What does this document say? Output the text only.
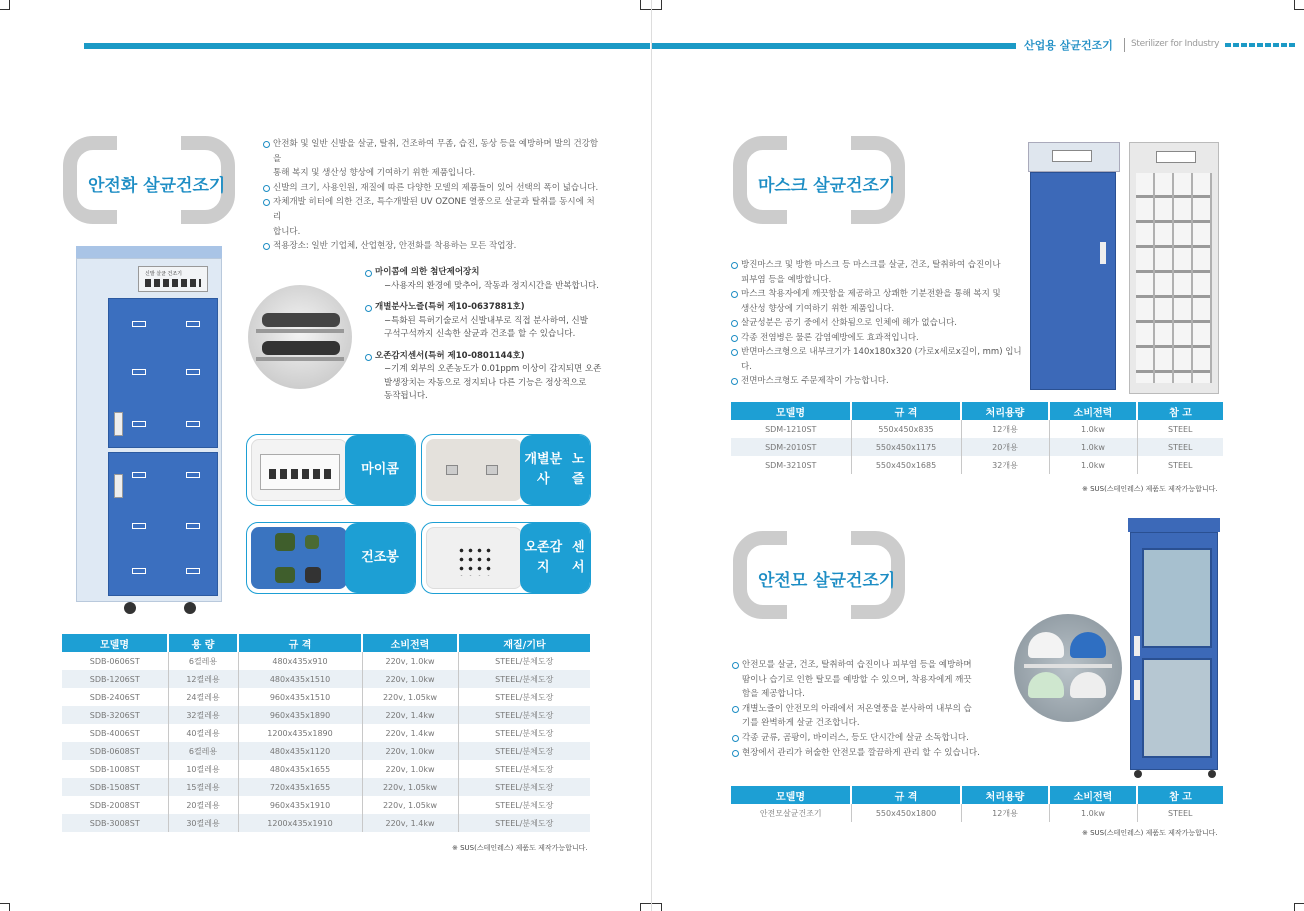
산업용 살균건조기 Sterilizer for Industry
안전화 살균건조기
안전화 및 일반 신발을 살균, 탈취, 건조하여 무좀, 습진, 동상 등을 예방하며 발의 건강함을
통해 복지 및 생산성 향상에 기여하기 위한 제품입니다.
신발의 크기, 사용인원, 재질에 따른 다양한 모델의 제품들이 있어 선택의 폭이 넓습니다.
자체개발 히터에 의한 건조, 특수개발된 UV OZONE 열풍으로 살균과 탈취를 동시에 처리
합니다.
적용장소: 일반 기업체, 산업현장, 안전화를 착용하는 모든 작업장.
신발 살균 건조기	마이콤에 의한 첨단제어장치
−사용자의 환경에 맞추어, 작동과 정지시간을 반복합니다.
개별분사노즐(특허 제10-0637881호)
−특화된 특허기술로서 신발내부로 직접 분사하여, 신발
구석구석까지 신속한 살균과 건조를 할 수 있습니다.
오존감지센서(특허 제10-0801144호)
−기계 외부의 오존농도가 0.01ppm 이상이 감지되면 오존
발생장치는 자동으로 정지되나 다른 기능은 정상적으로
동작됩니다.
마이콤
개별분사

노즐
건조봉
오존감지

센서
모델명	용 량	규 격	소비전력	재질/기타
SDB-0606ST	6켤레용	480x435x910	220v, 1.0kw	STEEL/분체도장
SDB-1206ST	12켤레용	480x435x1510	220v, 1.0kw	STEEL/분체도장
SDB-2406ST	24켤레용	960x435x1510	220v, 1.05kw	STEEL/분체도장
SDB-3206ST	32켤레용	960x435x1890	220v, 1.4kw	STEEL/분체도장
SDB-4006ST	40켤레용	1200x435x1890	220v, 1.4kw	STEEL/분체도장
SDB-0608ST	6켤레용	480x435x1120	220v, 1.0kw	STEEL/분체도장
SDB-1008ST	10켤레용	480x435x1655	220v, 1.0kw	STEEL/분체도장
SDB-1508ST	15켤레용	720x435x1655	220v, 1.05kw	STEEL/분체도장
SDB-2008ST	20켤레용	960x435x1910	220v, 1.05kw	STEEL/분체도장
SDB-3008ST	30켤레용	1200x435x1910	220v, 1.4kw	STEEL/분체도장
※ SUS(스테인레스) 제품도 제작가능합니다.
마스크 살균건조기
방진마스크 및 방한 마스크 등 마스크를 살균, 건조, 탈취하여 습진이나
피부염 등을 예방합니다.
마스크 착용자에게 깨끗함을 제공하고 상쾌한 기분전환을 통해 복지 및
생산성 향상에 기여하기 위한 제품입니다.
살균성분은 공기 중에서 산화됨으로 인체에 해가 없습니다.
각종 전염병은 물론 감염예방에도 효과적입니다.
반면마스크형으로 내부크기가 140x180x320 (가로x세로x길이, mm) 입니다.
전면마스크형도 주문제작이 가능합니다.
모델명	규 격	처리용량	소비전력	참 고
SDM-1210ST	550x450x835	12개용	1.0kw	STEEL
SDM-2010ST	550x450x1175	20개용	1.0kw	STEEL
SDM-3210ST	550x450x1685	32개용	1.0kw	STEEL
※ SUS(스테인레스) 제품도 제작가능합니다.
안전모 살균건조기
안전모를 살균, 건조, 탈취하여 습진이나 피부염 등을 예방하며
땀이나 습기로 인한 탈모를 예방할 수 있으며, 착용자에게 깨끗
함을 제공합니다.
개별노즐이 안전모의 아래에서 저온열풍을 분사하여 내부의 습
기를 완벽하게 살균 건조합니다.
각종 균류, 곰팡이, 바이러스, 등도 단시간에 살균 소독합니다.
현장에서 관리가 허술한 안전모를 깔끔하게 관리 할 수 있습니다.
모델명	규 격	처리용량	소비전력	참 고
안전모살균건조기	550x450x1800	12개용	1.0kw	STEEL
※ SUS(스테인레스) 제품도 제작가능합니다.
